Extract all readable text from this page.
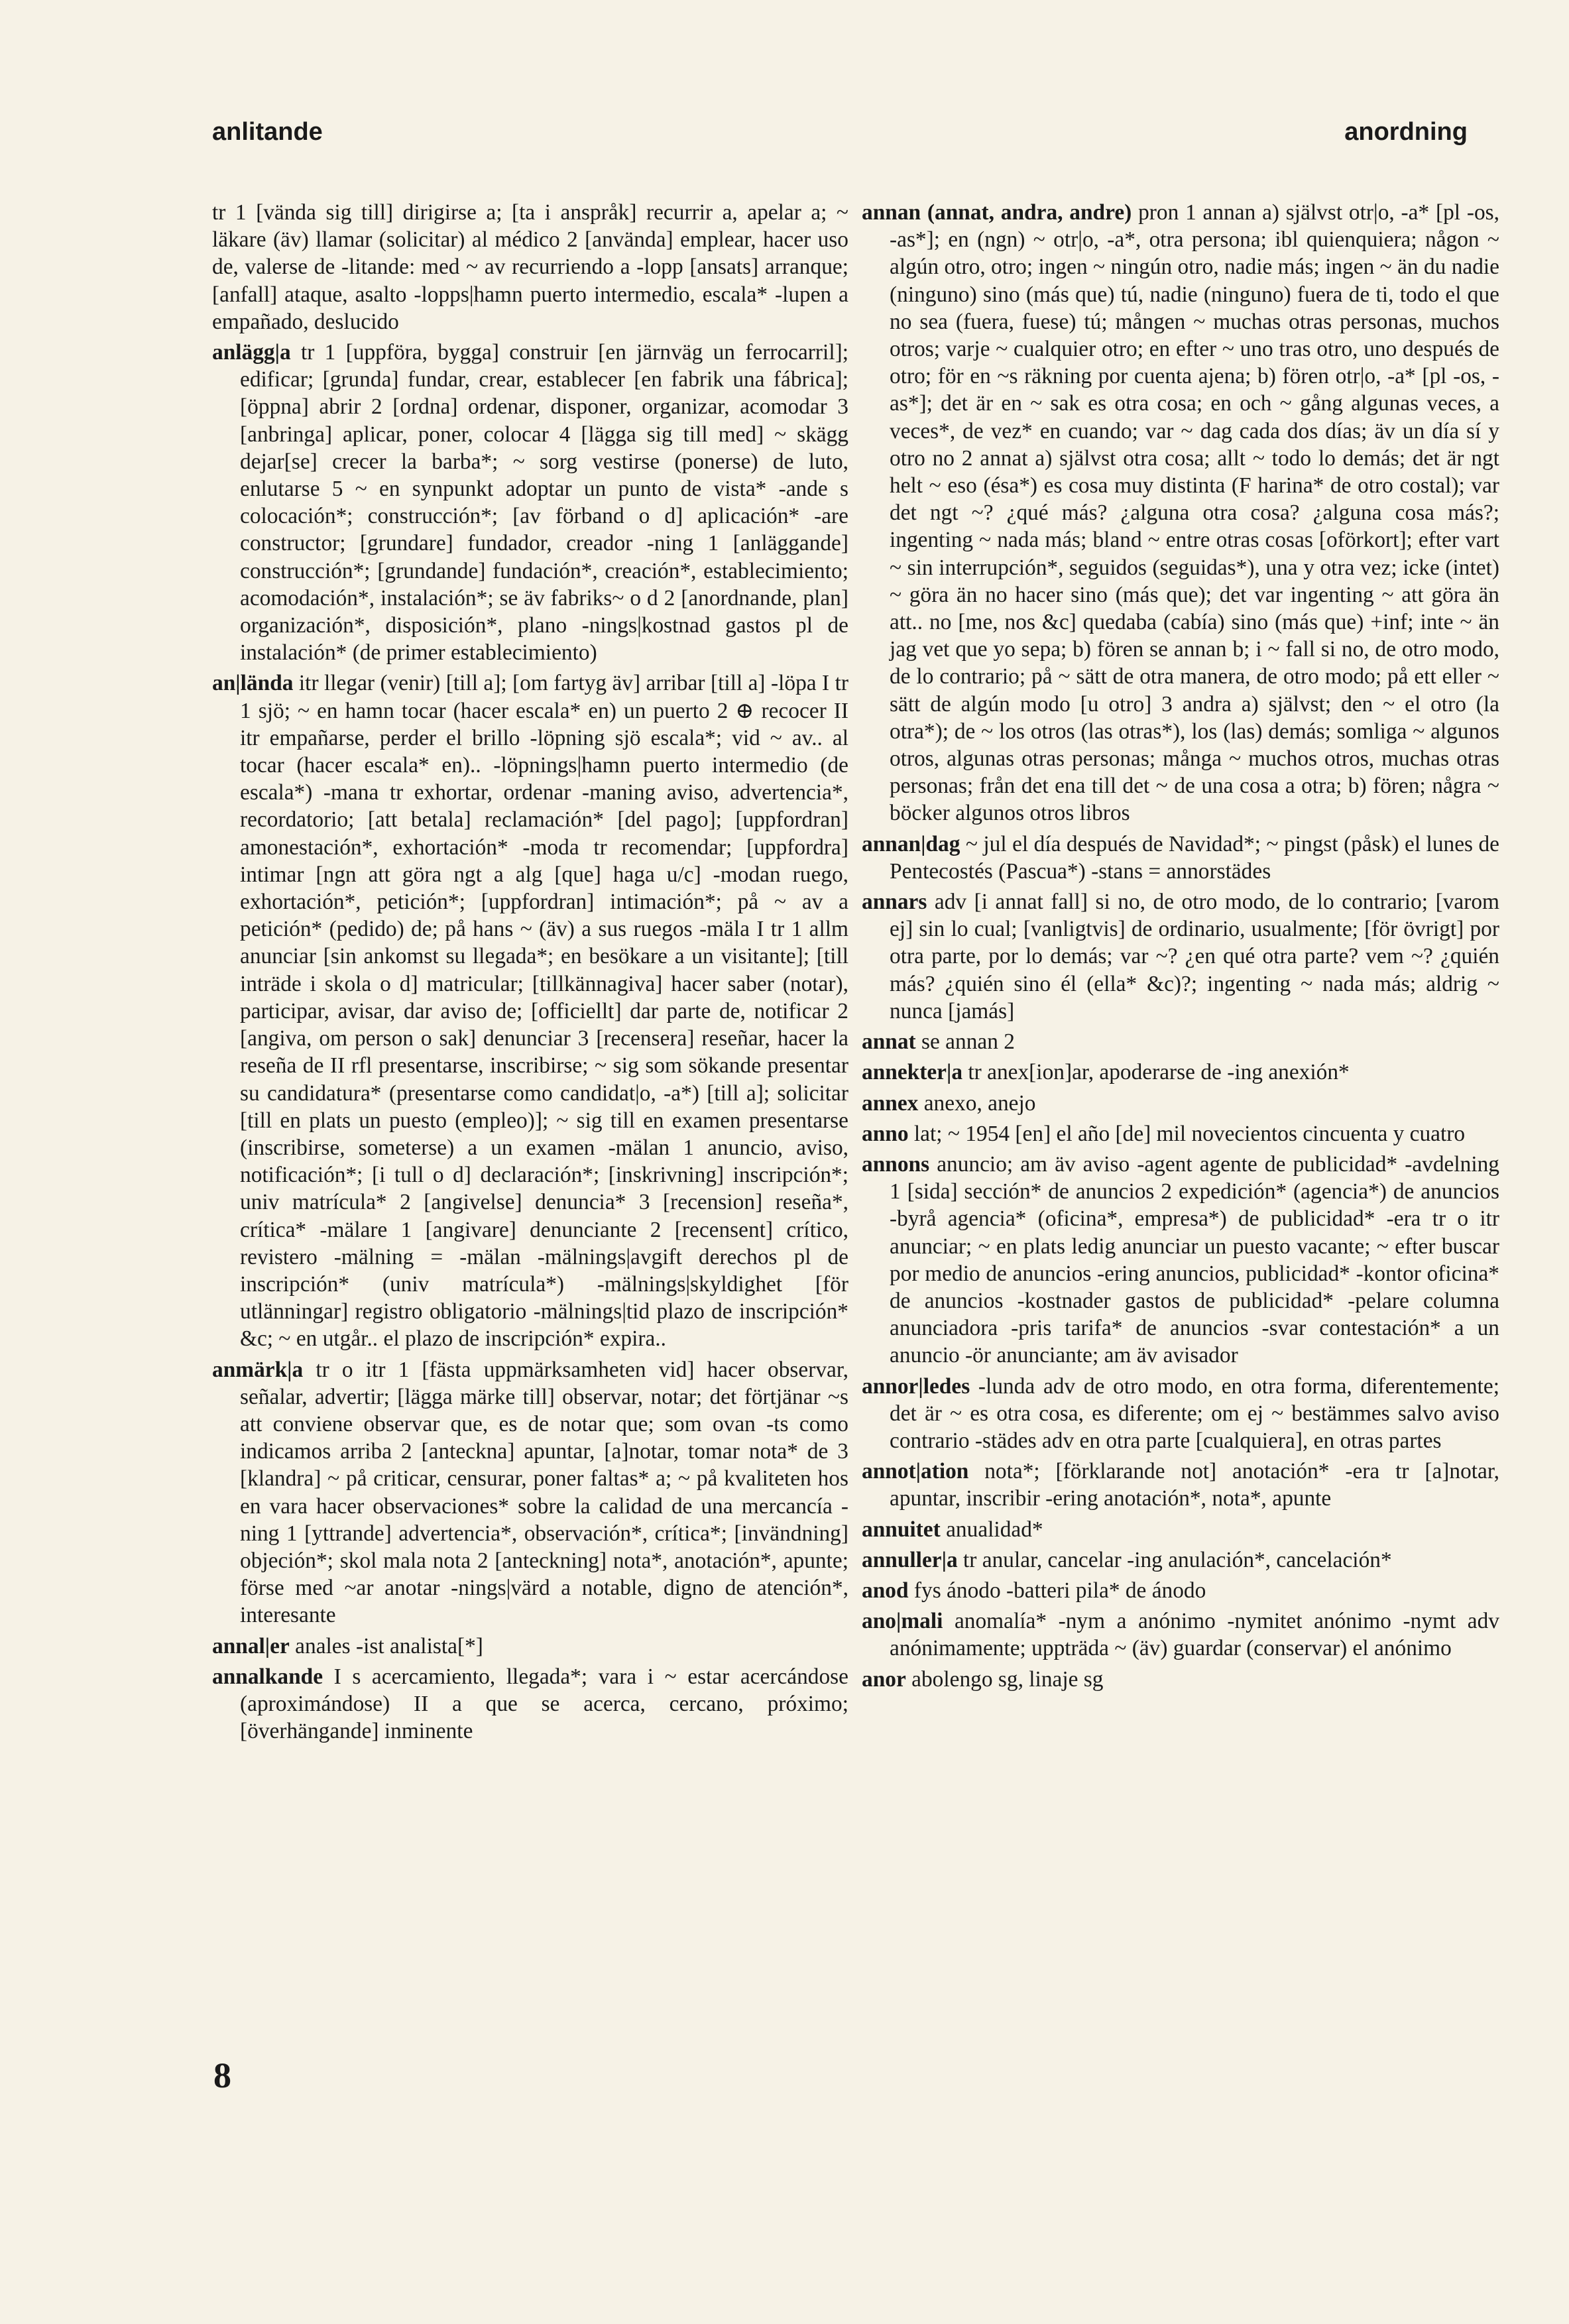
anlitande	anordning

tr 1 [vända sig till] dirigirse a; [ta i anspråk] recurrir a, apelar a; ~ läkare (äv) llamar (solicitar) al médico 2 [använda] emplear, hacer uso de, valerse de -litande: med ~ av recurriendo a -lopp [ansats] arranque; [anfall] ataque, asalto -lopps|hamn puerto intermedio, escala* -lupen a empañado, deslucido

anlägg|a tr 1 [uppföra, bygga] construir [en järnväg un ferrocarril]; edificar; [grunda] fundar, crear, establecer [en fabrik una fábrica]; [öppna] abrir 2 [ordna] ordenar, disponer, organizar, acomodar 3 [anbringa] aplicar, poner, colocar 4 [lägga sig till med] ~ skägg dejar[se] crecer la barba*; ~ sorg vestirse (ponerse) de luto, enlutarse 5 ~ en synpunkt adoptar un punto de vista* -ande s colocación*; construcción*; [av förband o d] aplicación* -are constructor; [grundare] fundador, creador -ning 1 [anläggande] construcción*; [grundande] fundación*, creación*, establecimiento; acomodación*, instalación*; se äv fabriks~ o d 2 [anordnande, plan] organización*, disposición*, plano -nings|kostnad gastos pl de instalación* (de primer establecimiento)

an|lända itr llegar (venir) [till a]; [om fartyg äv] arribar [till a] -löpa I tr 1 sjö; ~ en hamn tocar (hacer escala* en) un puerto 2 ⊕ recocer II itr empañarse, perder el brillo -löpning sjö escala*; vid ~ av.. al tocar (hacer escala* en).. -löpnings|hamn puerto intermedio (de escala*) -mana tr exhortar, ordenar -maning aviso, advertencia*, recordatorio; [att betala] reclamación* [del pago]; [uppfordran] amonestación*, exhortación* -moda tr recomendar; [uppfordra] intimar [ngn att göra ngt a alg [que] haga u/c] -modan ruego, exhortación*, petición*; [uppfordran] intimación*; på ~ av a petición* (pedido) de; på hans ~ (äv) a sus ruegos -mäla I tr 1 allm anunciar [sin ankomst su llegada*; en besökare a un visitante]; [till inträde i skola o d] matricular; [tillkännagiva] hacer saber (notar), participar, avisar, dar aviso de; [officiellt] dar parte de, notificar 2 [angiva, om person o sak] denunciar 3 [recensera] reseñar, hacer la reseña de II rfl presentarse, inscribirse; ~ sig som sökande presentar su candidatura* (presentarse como candidat|o, -a*) [till a]; solicitar [till en plats un puesto (empleo)]; ~ sig till en examen presentarse (inscribirse, someterse) a un examen -mälan 1 anuncio, aviso, notificación*; [i tull o d] declaración*; [inskrivning] inscripción*; univ matrícula* 2 [angivelse] denuncia* 3 [recension] reseña*, crítica* -mälare 1 [angivare] denunciante 2 [recensent] crítico, revistero -mälning = -mälan -mälnings|avgift derechos pl de inscripción* (univ matrícula*) -mälnings|skyldighet [för utlänningar] registro obligatorio -mälnings|tid plazo de inscripción* &c; ~ en utgår.. el plazo de inscripción* expira..

anmärk|a tr o itr 1 [fästa uppmärksamheten vid] hacer observar, señalar, advertir; [lägga märke till] observar, notar; det förtjänar ~s att conviene observar que, es de notar que; som ovan -ts como indicamos arriba 2 [anteckna] apuntar, [a]notar, tomar nota* de 3 [klandra] ~ på criticar, censurar, poner faltas* a; ~ på kvaliteten hos en vara hacer observaciones* sobre la calidad de una mercancía -ning 1 [yttrande] advertencia*, observación*, crítica*; [invändning] objeción*; skol mala nota 2 [anteckning] nota*, anotación*, apunte; förse med ~ar anotar -nings|värd a notable, digno de atención*, interesante

annal|er anales -ist analista[*]

annalkande I s acercamiento, llegada*; vara i ~ estar acercándose (aproximándose) II a que se acerca, cercano, próximo; [överhängande] inminente

annan (annat, andra, andre) pron 1 annan a) självst otr|o, -a* [pl -os, -as*]; en (ngn) ~ otr|o, -a*, otra persona; ibl quienquiera; någon ~ algún otro, otro; ingen ~ ningún otro, nadie más; ingen ~ än du nadie (ninguno) sino (más que) tú, nadie (ninguno) fuera de ti, todo el que no sea (fuera, fuese) tú; mången ~ muchas otras personas, muchos otros; varje ~ cualquier otro; en efter ~ uno tras otro, uno después de otro; för en ~s räkning por cuenta ajena; b) fören otr|o, -a* [pl -os, -as*]; det är en ~ sak es otra cosa; en och ~ gång algunas veces, a veces*, de vez* en cuando; var ~ dag cada dos días; äv un día sí y otro no 2 annat a) självst otra cosa; allt ~ todo lo demás; det är ngt helt ~ eso (ésa*) es cosa muy distinta (F harina* de otro costal); var det ngt ~? ¿qué más? ¿alguna otra cosa? ¿alguna cosa más?; ingenting ~ nada más; bland ~ entre otras cosas [oförkort]; efter vart ~ sin interrupción*, seguidos (seguidas*), una y otra vez; icke (intet) ~ göra än no hacer sino (más que); det var ingenting ~ att göra än att.. no [me, nos &c] quedaba (cabía) sino (más que) +inf; inte ~ än jag vet que yo sepa; b) fören se annan b; i ~ fall si no, de otro modo, de lo contrario; på ~ sätt de otra manera, de otro modo; på ett eller ~ sätt de algún modo [u otro] 3 andra a) självst; den ~ el otro (la otra*); de ~ los otros (las otras*), los (las) demás; somliga ~ algunos otros, algunas otras personas; många ~ muchos otros, muchas otras personas; från det ena till det ~ de una cosa a otra; b) fören; några ~ böcker algunos otros libros

annan|dag ~ jul el día después de Navidad*; ~ pingst (påsk) el lunes de Pentecostés (Pascua*) -stans = annorstädes

annars adv [i annat fall] si no, de otro modo, de lo contrario; [varom ej] sin lo cual; [vanligtvis] de ordinario, usualmente; [för övrigt] por otra parte, por lo demás; var ~? ¿en qué otra parte? vem ~? ¿quién más? ¿quién sino él (ella* &c)?; ingenting ~ nada más; aldrig ~ nunca [jamás]

annat se annan 2

annekter|a tr anex[ion]ar, apoderarse de -ing anexión*

annex anexo, anejo

anno lat; ~ 1954 [en] el año [de] mil novecientos cincuenta y cuatro

annons anuncio; am äv aviso -agent agente de publicidad* -avdelning 1 [sida] sección* de anuncios 2 expedición* (agencia*) de anuncios -byrå agencia* (oficina*, empresa*) de publicidad* -era tr o itr anunciar; ~ en plats ledig anunciar un puesto vacante; ~ efter buscar por medio de anuncios -ering anuncios, publicidad* -kontor oficina* de anuncios -kostnader gastos de publicidad* -pelare columna anunciadora -pris tarifa* de anuncios -svar contestación* a un anuncio -ör anunciante; am äv avisador

annor|ledes -lunda adv de otro modo, en otra forma, diferentemente; det är ~ es otra cosa, es diferente; om ej ~ bestämmes salvo aviso contrario -städes adv en otra parte [cualquiera], en otras partes

annot|ation nota*; [förklarande not] anotación* -era tr [a]notar, apuntar, inscribir -ering anotación*, nota*, apunte

annuitet anualidad*

annuller|a tr anular, cancelar -ing anulación*, cancelación*

anod fys ánodo -batteri pila* de ánodo

ano|mali anomalía* -nym a anónimo -nymitet anónimo -nymt adv anónimamente; uppträda ~ (äv) guardar (conservar) el anónimo

anor abolengo sg, linaje sg

8
